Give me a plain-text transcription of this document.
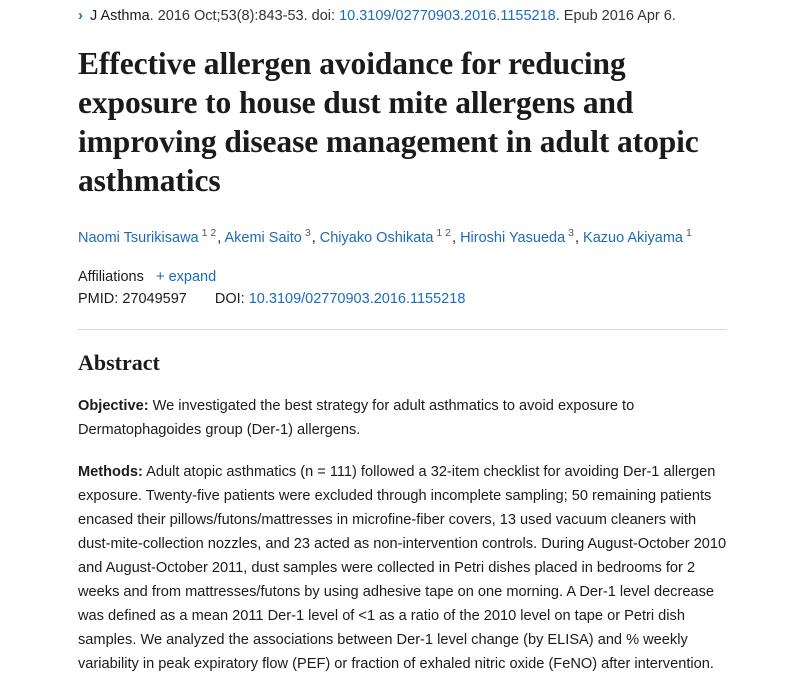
› J Asthma. 2016 Oct;53(8):843-53. doi: 10.3109/02770903.2016.1155218. Epub 2016 Apr 6.
Effective allergen avoidance for reducing exposure to house dust mite allergens and improving disease management in adult atopic asthmatics
Naomi Tsurikisawa $^{1 2}$, Akemi Saito $^3$, Chiyako Oshikata $^{1 2}$, Hiroshi Yasueda $^3$, Kazuo Akiyama $^1$
Affiliations + expand
PMID: 27049597 DOI: 10.3109/02770903.2016.1155218
Abstract

Objective: We investigated the best strategy for adult asthmatics to avoid exposure to Dermatophagoides group (Der-1) allergens.

Methods: Adult atopic asthmatics (n = 111) followed a 32-item checklist for avoiding Der-1 allergen exposure. Twenty-five patients were excluded through incomplete sampling; 50 remaining patients encased their pillows/futons/mattresses in microfine-fiber covers, 13 used vacuum cleaners with dust-mite-collection nozzles, and 23 acted as non-intervention controls. During August-October 2010 and August-October 2011, dust samples were collected in Petri dishes placed in bedrooms for 2 weeks and from mattresses/futons by using adhesive tape on one morning. A Der-1 level decrease was defined as a mean 2011 Der-1 level of <1 as a ratio of the 2010 level on tape or Petri dish samples. We analyzed the associations between Der-1 level change (by ELISA) and % weekly variability in peak expiratory flow (PEF) or fraction of exhaled nitric oxide (FeNO) after intervention.
